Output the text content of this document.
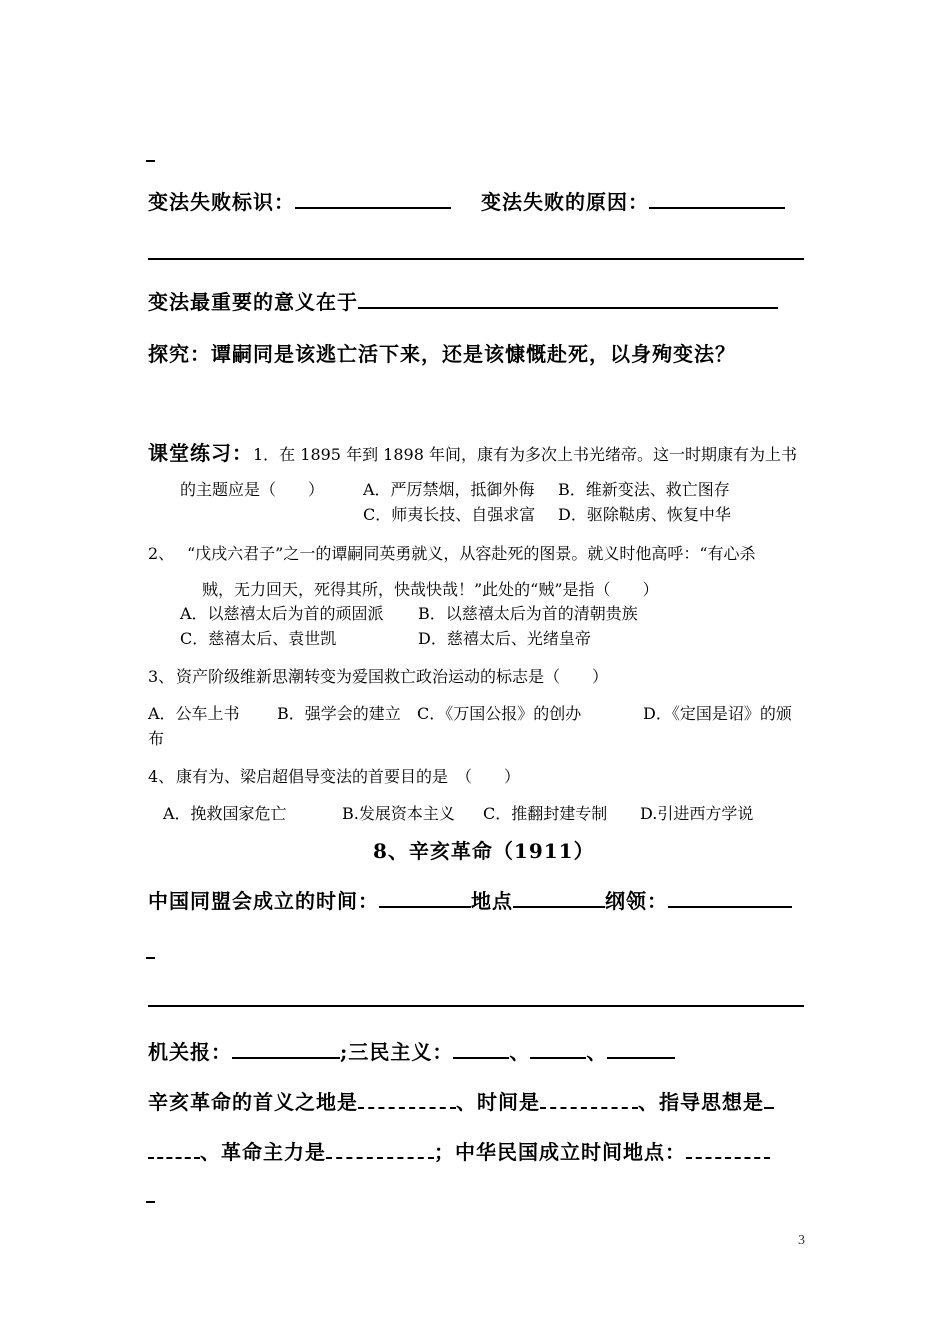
变法失败标识：	变法失败的原因：
变法最重要的意义在于
探究：谭嗣同是该逃亡活下来，还是该慷慨赴死，以身殉变法？
课堂练习：1．在 1895 年到 1898 年间，康有为多次上书光绪帝。这一时期康有为上书
的主题应是（　　） A．严厉禁烟，抵御外侮 B．维新变法、救亡图存
C．师夷长技、自强求富 D．驱除鞑虏、恢复中华
2、 “戊戌六君子”之一的谭嗣同英勇就义，从容赴死的图景。就义时他高呼：“有心杀
贼，无力回天，死得其所，快哉快哉！”此处的“贼”是指（　　）
A．以慈禧太后为首的顽固派 B．以慈禧太后为首的清朝贵族
C．慈禧太后、袁世凯	D．慈禧太后、光绪皇帝
3、 资产阶级维新思潮转变为爱国救亡政治运动的标志是（　　）
A．公车上书 B．强学会的建立 C．《万国公报》的创办	D．《定国是诏》的颁
布
4、 康有为、梁启超倡导变法的首要目的是　（　　）
A．挽救国家危亡	B.发展资本主义 C．推翻封建专制 D.引进西方学说
8、辛亥革命（1911）
中国同盟会成立的时间：	地点	纲领：
机关报：	;三民主义：	、	、
辛亥革命的首义之地是	、时间是	、指导思想是
、革命主力是	；中华民国成立时间地点：
3
